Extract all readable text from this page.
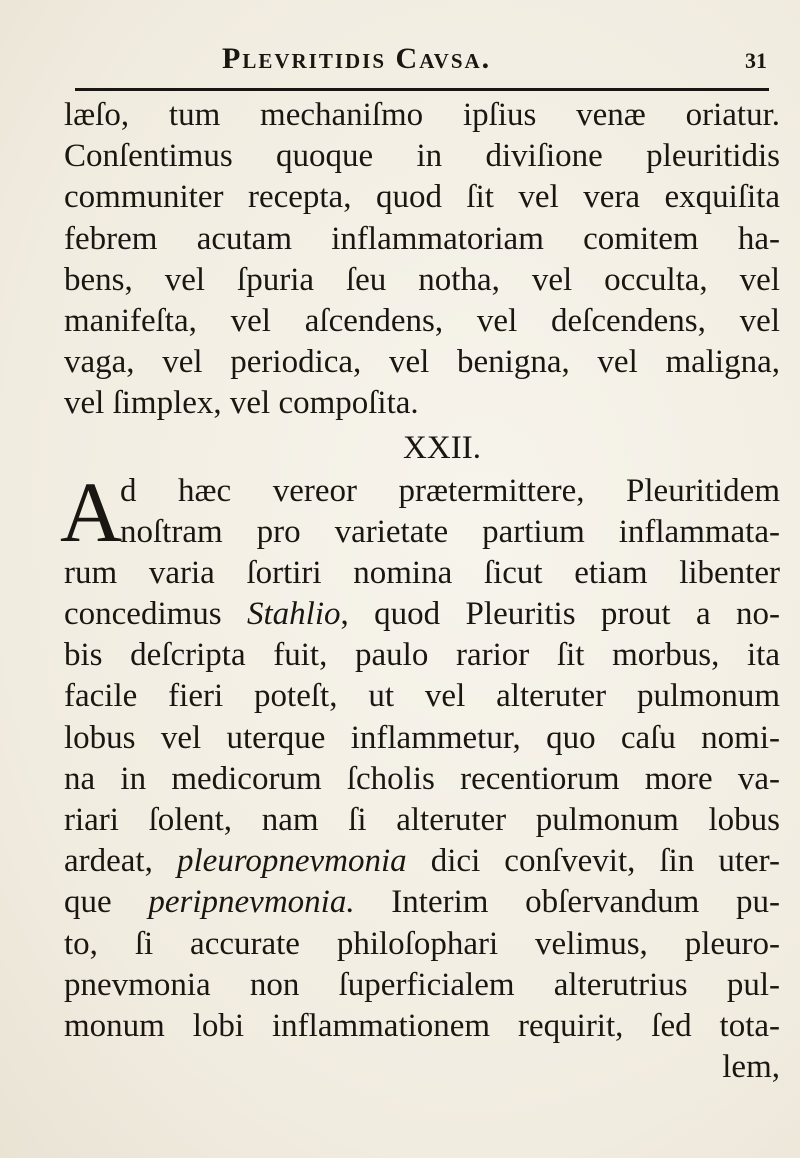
Plevritidis Cavsa.	31
læſo, tum mechaniſmo ipſius venæ oriatur.
Conſentimus quoque in diviſione pleuritidis
communiter recepta, quod ſit vel vera exquiſita
febrem acutam inflammatoriam comitem ha-
bens, vel ſpuria ſeu notha, vel occulta, vel
manifeſta, vel aſcendens, vel deſcendens, vel
vaga, vel periodica, vel benigna, vel maligna,
vel ſimplex, vel compoſita.
XXII.
A
d hæc vereor prætermittere, Pleuritidem
noſtram pro varietate partium inflammata-
rum varia ſortiri nomina ſicut etiam libenter
concedimus Stahlio, quod Pleuritis prout a no-
bis deſcripta fuit, paulo rarior ſit morbus, ita
facile fieri poteſt, ut vel alteruter pulmonum
lobus vel uterque inflammetur, quo caſu nomi-
na in medicorum ſcholis recentiorum more va-
riari ſolent, nam ſi alteruter pulmonum lobus
ardeat, pleuropnevmonia dici conſvevit, ſin uter-
que peripnevmonia. Interim obſervandum pu-
to, ſi accurate philoſophari velimus, pleuro-
pnevmonia non ſuperficialem alterutrius pul-
monum lobi inflammationem requirit, ſed tota-
lem,
